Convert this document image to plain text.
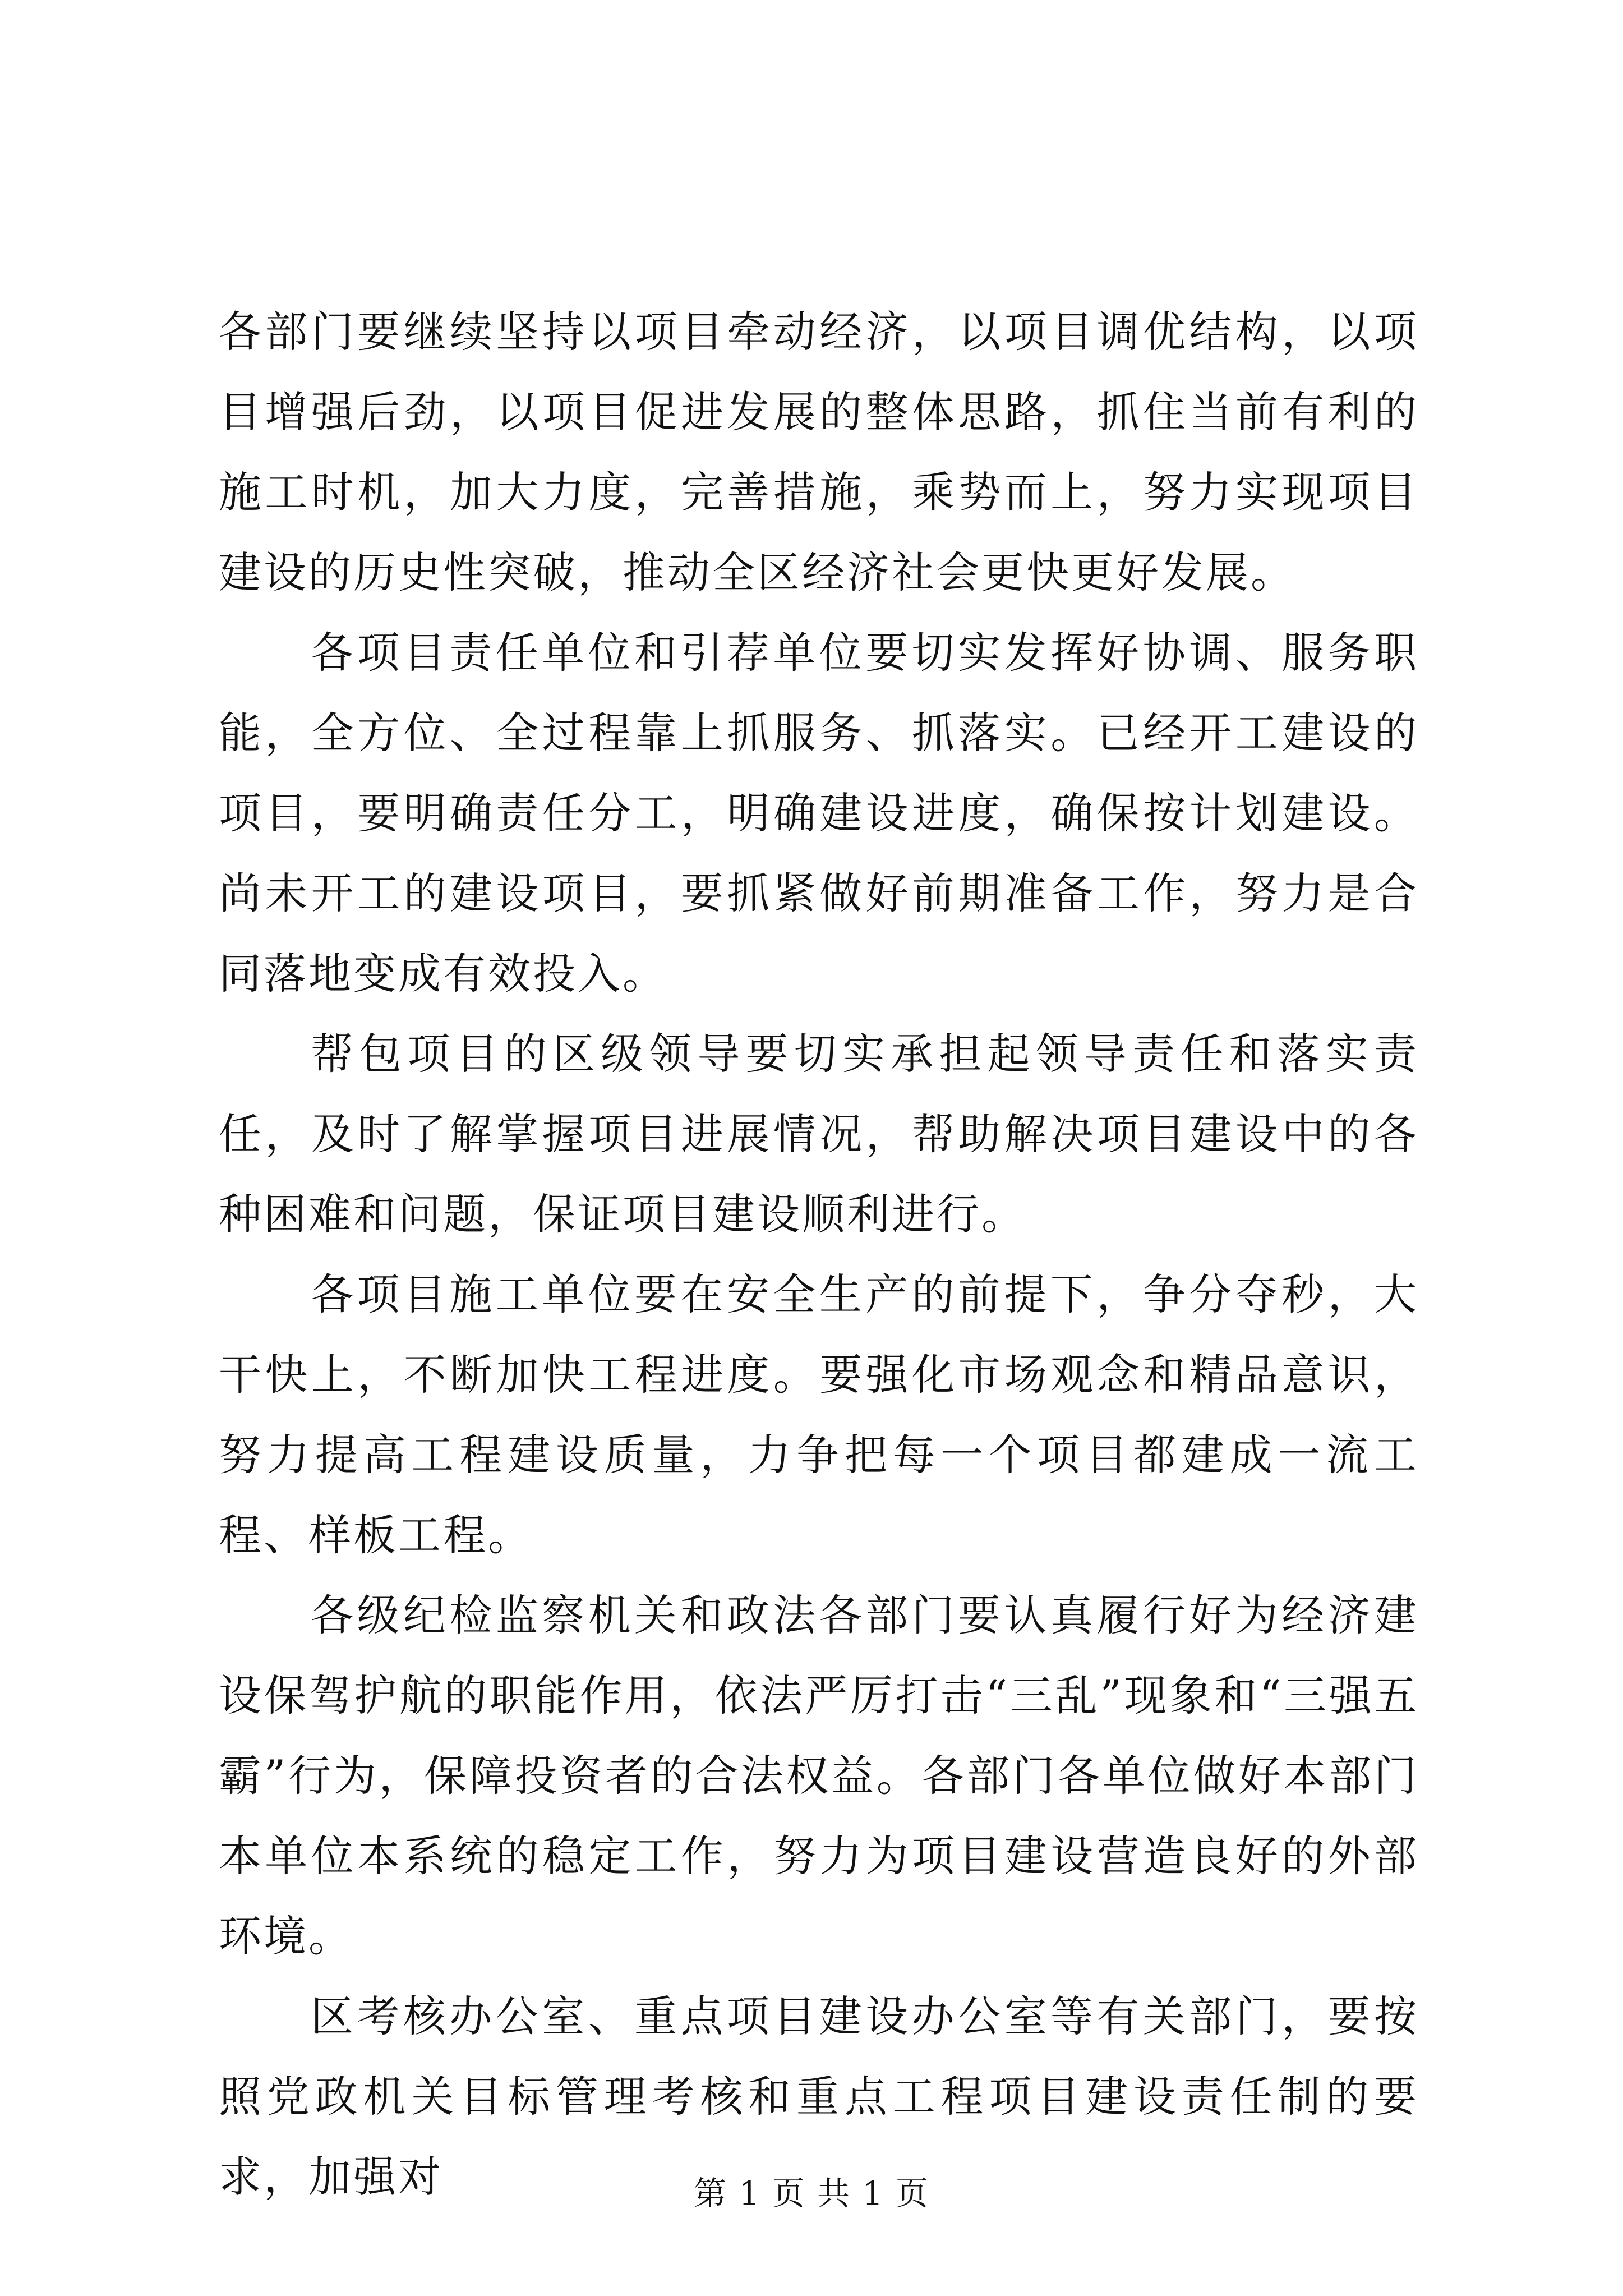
各部门要继续坚持以项目牵动经济，以项目调优结构，以项目增强后劲，以项目促进发展的整体思路，抓住当前有利的施工时机，加大力度，完善措施，乘势而上，努力实现项目建设的历史性突破，推动全区经济社会更快更好发展。

各项目责任单位和引荐单位要切实发挥好协调、服务职能，全方位、全过程靠上抓服务、抓落实。已经开工建设的项目，要明确责任分工，明确建设进度，确保按计划建设。尚未开工的建设项目，要抓紧做好前期准备工作，努力是合同落地变成有效投入。

帮包项目的区级领导要切实承担起领导责任和落实责任，及时了解掌握项目进展情况，帮助解决项目建设中的各种困难和问题，保证项目建设顺利进行。

各项目施工单位要在安全生产的前提下，争分夺秒，大干快上，不断加快工程进度。要强化市场观念和精品意识，努力提高工程建设质量，力争把每一个项目都建成一流工程、样板工程。

各级纪检监察机关和政法各部门要认真履行好为经济建设保驾护航的职能作用，依法严厉打击“三乱”现象和“三强五霸”行为，保障投资者的合法权益。各部门各单位做好本部门本单位本系统的稳定工作，努力为项目建设营造良好的外部环境。

区考核办公室、重点项目建设办公室等有关部门，要按照党政机关目标管理考核和重点工程项目建设责任制的要求，加强对	第 1 页 共 1 页
